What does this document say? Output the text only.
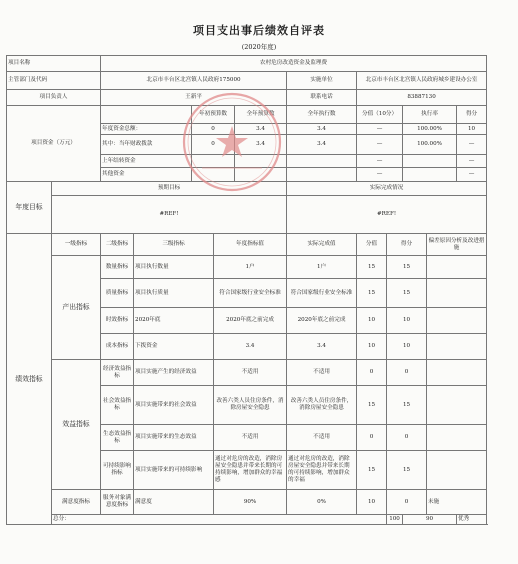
项目支出事后绩效自评表
(2020年度)
项目名称		农村危房改造资金及监理费										
主管部门及代码		北京市丰台区北宫镇人民政府175000					实施单位	北京市丰台区北宫镇人民政府城乡建设办公室				
项目负责人		王新平					联系电话	83887130				
项目资金（万元）				年初预算数		全年预算数	全年执行数	分值（10分）		执行率		得分
		年度资金总额：		0		3.4	3.4	—		100.00%		10
		其中：当年财政拨款		0		3.4	3.4	—		100.00%		—
		上年结转资金						—				—
		其他资金						—				—
年度目标	预期目标						实际完成情况					
	#REF!						#REF!					
绩效指标	一级指标	二级指标	三级指标		年度指标值		实际完成值	分值	得分		偏差原因分析及改进措施	
	产出指标	数量指标	项目执行数量		1户		1户	15	15			
		质量指标	项目执行质量		符合国家级行业安全标准		符合国家级行业安全标准	15	15			
		时效指标	2020年底		2020年底之前完成		2020年底之前完成	10	10			
		成本指标	下拨资金		3.4		3.4	10	10			
	效益指标	经济效益指标	项目实施产生的经济效益		不适用		不适用	0	0			
		社会效益指标	项目实施带来的社会效益		改善六类人员住房条件，消除房屋安全隐患		改善六类人员住房条件，消除房屋安全隐患	15	15			
		生态效益指标	项目实施带来的生态效益		不适用		不适用	0	0			
		可持续影响指标	项目实施带来的可持续影响		通过对危房的改造，消除房屋安全隐患并带来长期的可持续影响，增加群众的幸福感		通过对危房的改造，消除房屋安全隐患并带来长期的可持续影响，增加群众的幸福	15	15			
	满意度指标	服务对象满意度指标	满意度		90%		0%	10	0		未施	
	总分：								100	90		优秀
